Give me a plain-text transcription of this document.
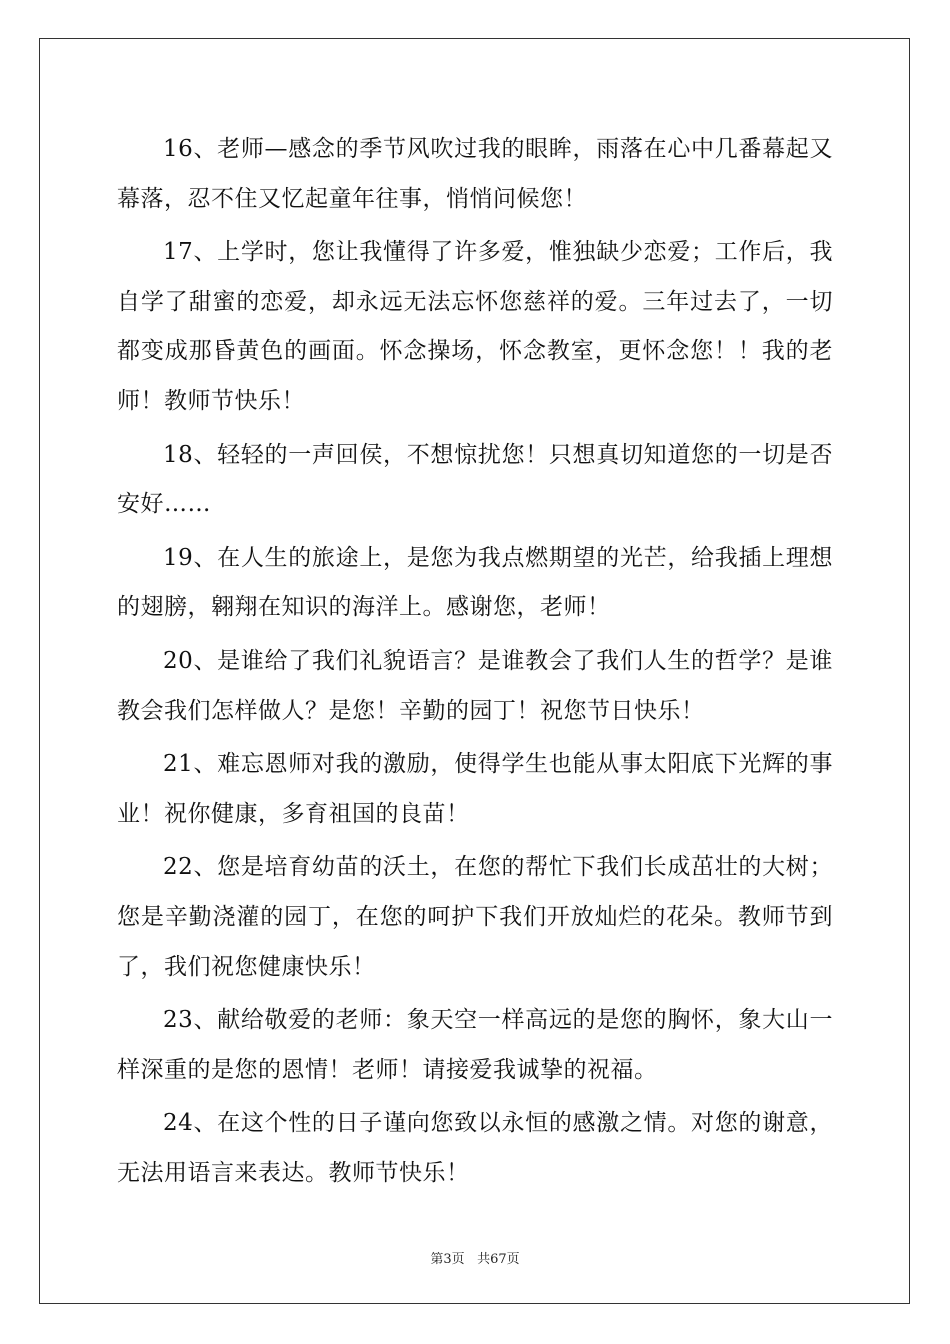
16、老师—感念的季节风吹过我的眼眸，雨落在心中几番幕起又幕落，忍不住又忆起童年往事，悄悄问候您！

17、上学时，您让我懂得了许多爱，惟独缺少恋爱；工作后，我自学了甜蜜的恋爱，却永远无法忘怀您慈祥的爱。三年过去了，一切都变成那昏黄色的画面。怀念操场，怀念教室，更怀念您！！我的老师！教师节快乐！

18、轻轻的一声回侯，不想惊扰您！只想真切知道您的一切是否安好……

19、在人生的旅途上，是您为我点燃期望的光芒，给我插上理想的翅膀，翱翔在知识的海洋上。感谢您，老师！

20、是谁给了我们礼貌语言？是谁教会了我们人生的哲学？是谁教会我们怎样做人？是您！辛勤的园丁！祝您节日快乐！

21、难忘恩师对我的激励，使得学生也能从事太阳底下光辉的事业！祝你健康，多育祖国的良苗！

22、您是培育幼苗的沃土，在您的帮忙下我们长成茁壮的大树；您是辛勤浇灌的园丁，在您的呵护下我们开放灿烂的花朵。教师节到了，我们祝您健康快乐！

23、献给敬爱的老师：象天空一样高远的是您的胸怀，象大山一样深重的是您的恩情！老师！请接爱我诚挚的祝福。

24、在这个性的日子谨向您致以永恒的感激之情。对您的谢意，无法用语言来表达。教师节快乐！

第3页 共67页
